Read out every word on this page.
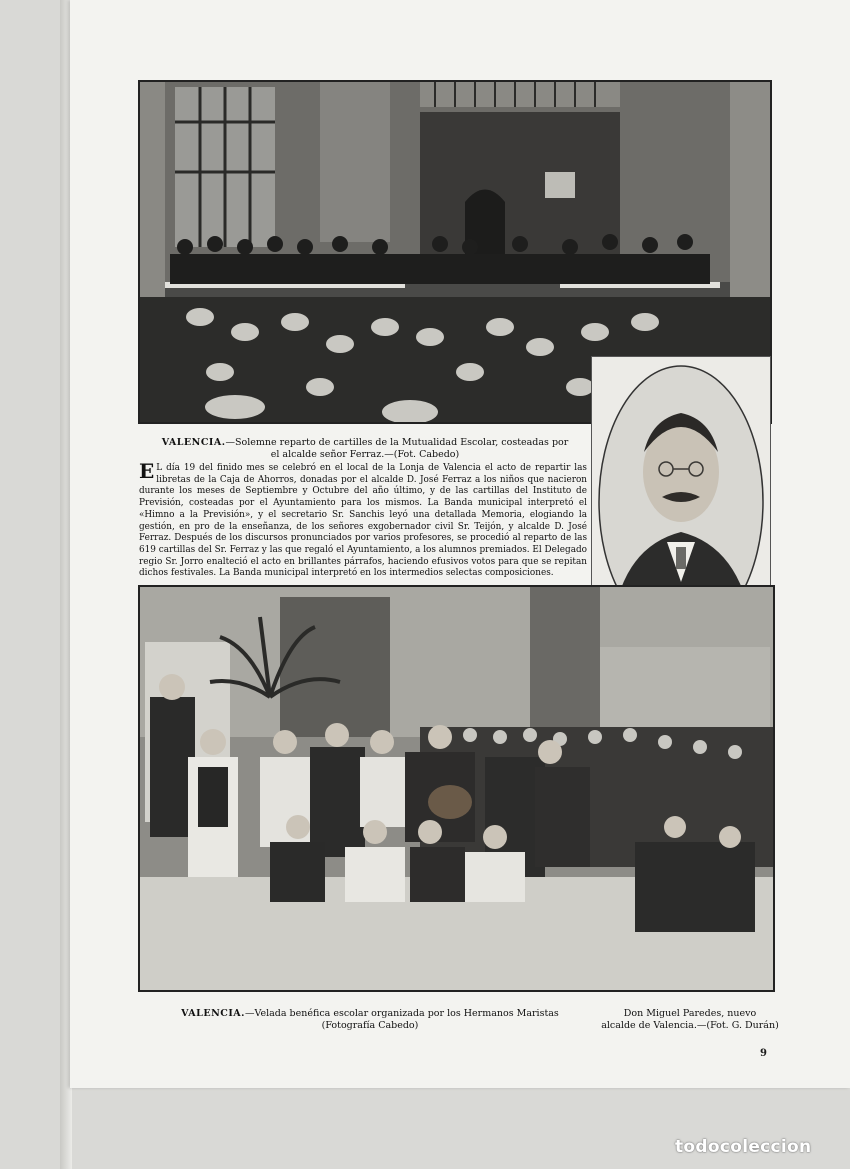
VALENCIA.—Solemne reparto de cartilles de la Mutualidad Escolar, costeadas por el alcalde señor Ferraz.—(Fot. Cabedo)
E L día 19 del finido mes se celebró en el local de la Lonja de Valencia el acto de repartir las libretas de la Caja de Ahorros, donadas por el alcalde D. José Ferraz a los niños que nacieron durante los meses de Septiembre y Octubre del año último, y de las cartillas del Instituto de Previsión, costeadas por el Ayuntamiento para los mismos. La Banda municipal interpretó el «Himno a la Previsión», y el secretario Sr. Sanchis leyó una detallada Memoria, elogiando la gestión, en pro de la enseñanza, de los señores exgobernador civil Sr. Teijón, y alcalde D. José Ferraz. Después de los discursos pronunciados por varios profesores, se procedió al reparto de las 619 cartillas del Sr. Ferraz y las que regaló el Ayuntamiento, a los alumnos premiados. El Delegado regio Sr. Jorro enalteció el acto en brillantes párrafos, haciendo efusivos votos para que se repitan dichos festivales. La Banda municipal interpretó en los intermedios selectas composiciones.
VALENCIA.—Velada benéfica escolar organizada por los Hermanos Maristas
(Fotografía Cabedo)
Don Miguel Paredes, nuevo
alcalde de Valencia.—(Fot. G. Durán)
9
todocoleccion
